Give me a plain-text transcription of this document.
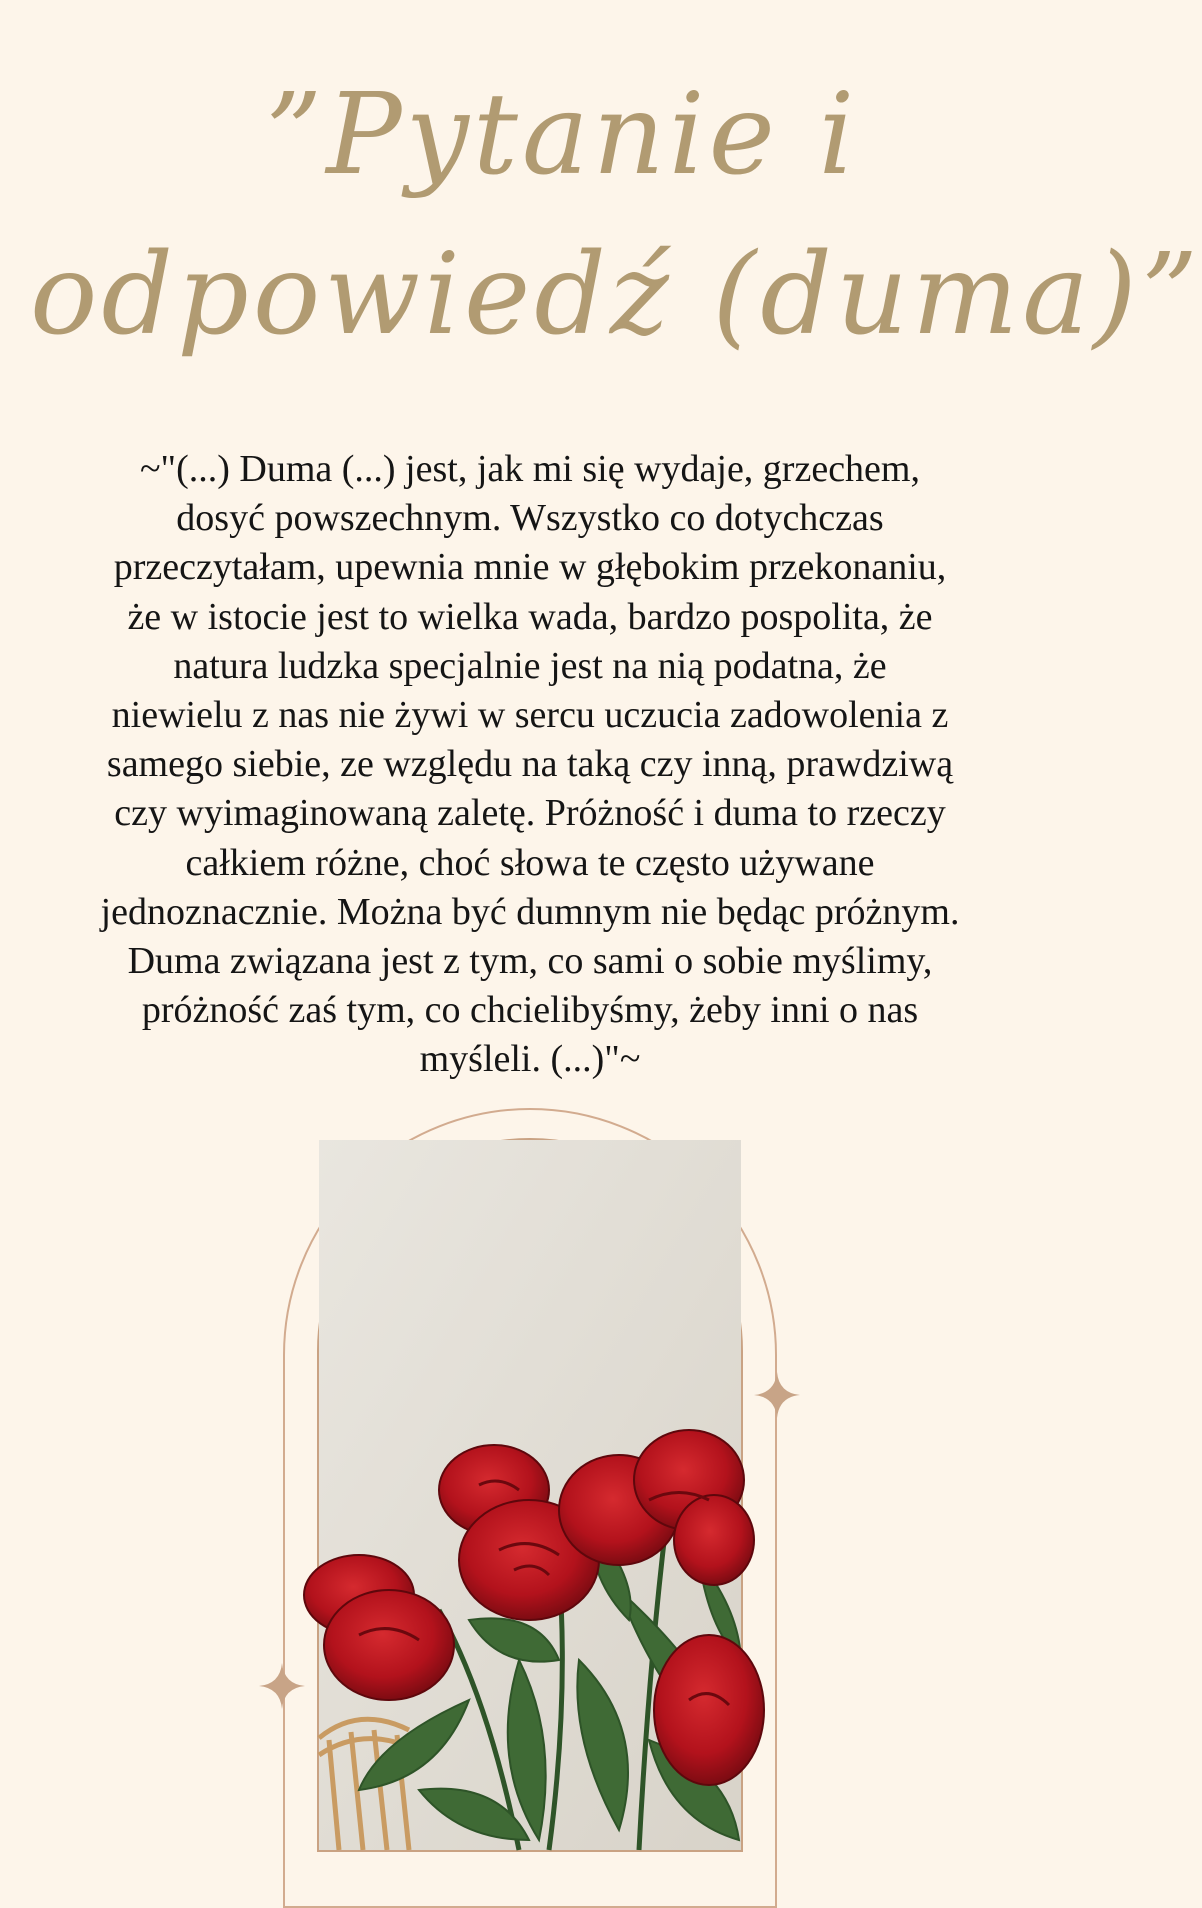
”Pytanie i
odpowiedź (duma)”

~"(...) Duma (...) jest, jak mi się wydaje, grzechem,
dosyć powszechnym. Wszystko co dotychczas
przeczytałam, upewnia mnie w głębokim przekonaniu,
że w istocie jest to wielka wada, bardzo pospolita, że
natura ludzka specjalnie jest na nią podatna, że
niewielu z nas nie żywi w sercu uczucia zadowolenia z
samego siebie, ze względu na taką czy inną, prawdziwą
czy wyimaginowaną zaletę. Próżność i duma to rzeczy
całkiem różne, choć słowa te często używane
jednoznacznie. Można być dumnym nie będąc próżnym.
Duma związana jest z tym, co sami o sobie myślimy,
próżność zaś tym, co chcielibyśmy, żeby inni o nas
myśleli. (...)"~
